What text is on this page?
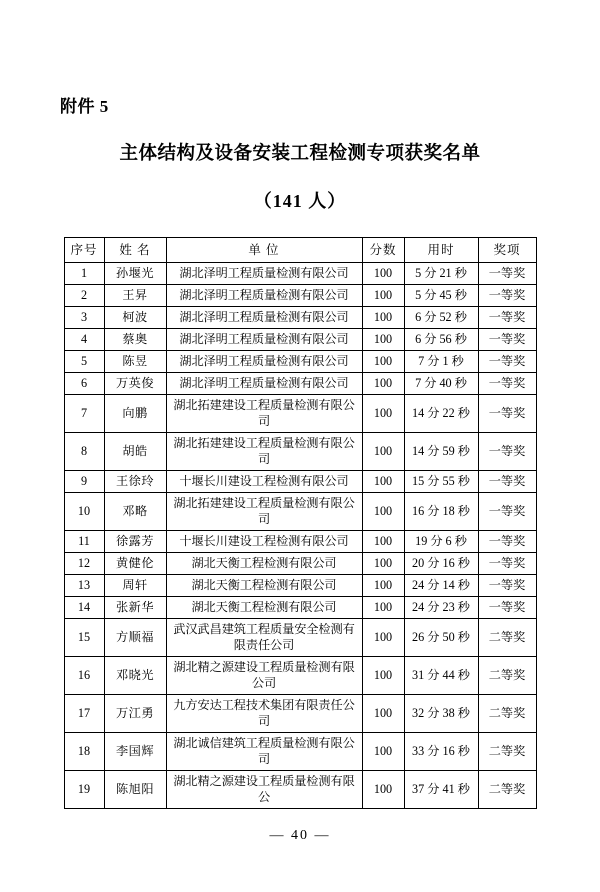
附件 5
主体结构及设备安装工程检测专项获奖名单
（141 人）
序号	姓 名	单 位	分数	用时	奖项
1	孙堰光	湖北泽明工程质量检测有限公司	100	5 分 21 秒	一等奖
2	王昇	湖北泽明工程质量检测有限公司	100	5 分 45 秒	一等奖
3	柯波	湖北泽明工程质量检测有限公司	100	6 分 52 秒	一等奖
4	蔡奥	湖北泽明工程质量检测有限公司	100	6 分 56 秒	一等奖
5	陈昱	湖北泽明工程质量检测有限公司	100	7 分 1 秒	一等奖
6	万英俊	湖北泽明工程质量检测有限公司	100	7 分 40 秒	一等奖
7	向鹏	湖北拓建建设工程质量检测有限公司	100	14 分 22 秒	一等奖
8	胡皓	湖北拓建建设工程质量检测有限公司	100	14 分 59 秒	一等奖
9	王徐玲	十堰长川建设工程检测有限公司	100	15 分 55 秒	一等奖
10	邓略	湖北拓建建设工程质量检测有限公司	100	16 分 18 秒	一等奖
11	徐露芳	十堰长川建设工程检测有限公司	100	19 分 6 秒	一等奖
12	黄健伦	湖北天衡工程检测有限公司	100	20 分 16 秒	一等奖
13	周轩	湖北天衡工程检测有限公司	100	24 分 14 秒	一等奖
14	张新华	湖北天衡工程检测有限公司	100	24 分 23 秒	一等奖
15	方顺福	武汉武昌建筑工程质量安全检测有限责任公司	100	26 分 50 秒	二等奖
16	邓晓光	湖北精之源建设工程质量检测有限公司	100	31 分 44 秒	二等奖
17	万江勇	九方安达工程技术集团有限责任公司	100	32 分 38 秒	二等奖
18	李国辉	湖北诚信建筑工程质量检测有限公司	100	33 分 16 秒	二等奖
19	陈旭阳	湖北精之源建设工程质量检测有限公	100	37 分 41 秒	二等奖
— 40 —
